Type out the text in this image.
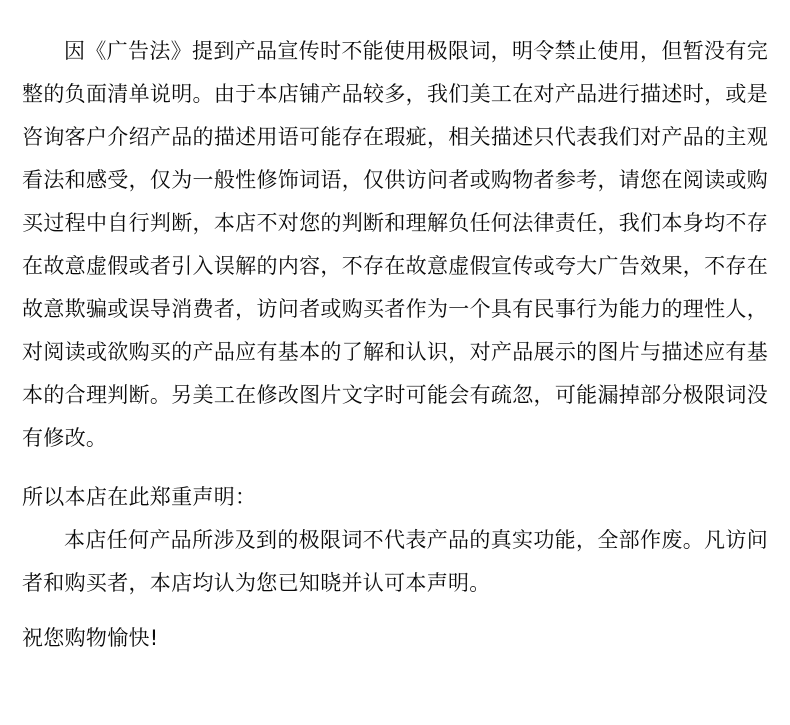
因《广告法》提到产品宣传时不能使用极限词，明令禁止使用，但暂没有完整的负面清单说明。由于本店铺产品较多，我们美工在对产品进行描述时，或是咨询客户介绍产品的描述用语可能存在瑕疵，相关描述只代表我们对产品的主观看法和感受，仅为一般性修饰词语，仅供访问者或购物者参考，请您在阅读或购买过程中自行判断，本店不对您的判断和理解负任何法律责任，我们本身均不存在故意虚假或者引入误解的内容，不存在故意虚假宣传或夸大广告效果，不存在故意欺骗或误导消费者，访问者或购买者作为一个具有民事行为能力的理性人，对阅读或欲购买的产品应有基本的了解和认识，对产品展示的图片与描述应有基本的合理判断。另美工在修改图片文字时可能会有疏忽，可能漏掉部分极限词没有修改。

所以本店在此郑重声明：

本店任何产品所涉及到的极限词不代表产品的真实功能，全部作废。凡访问者和购买者，本店均认为您已知晓并认可本声明。

祝您购物愉快!
